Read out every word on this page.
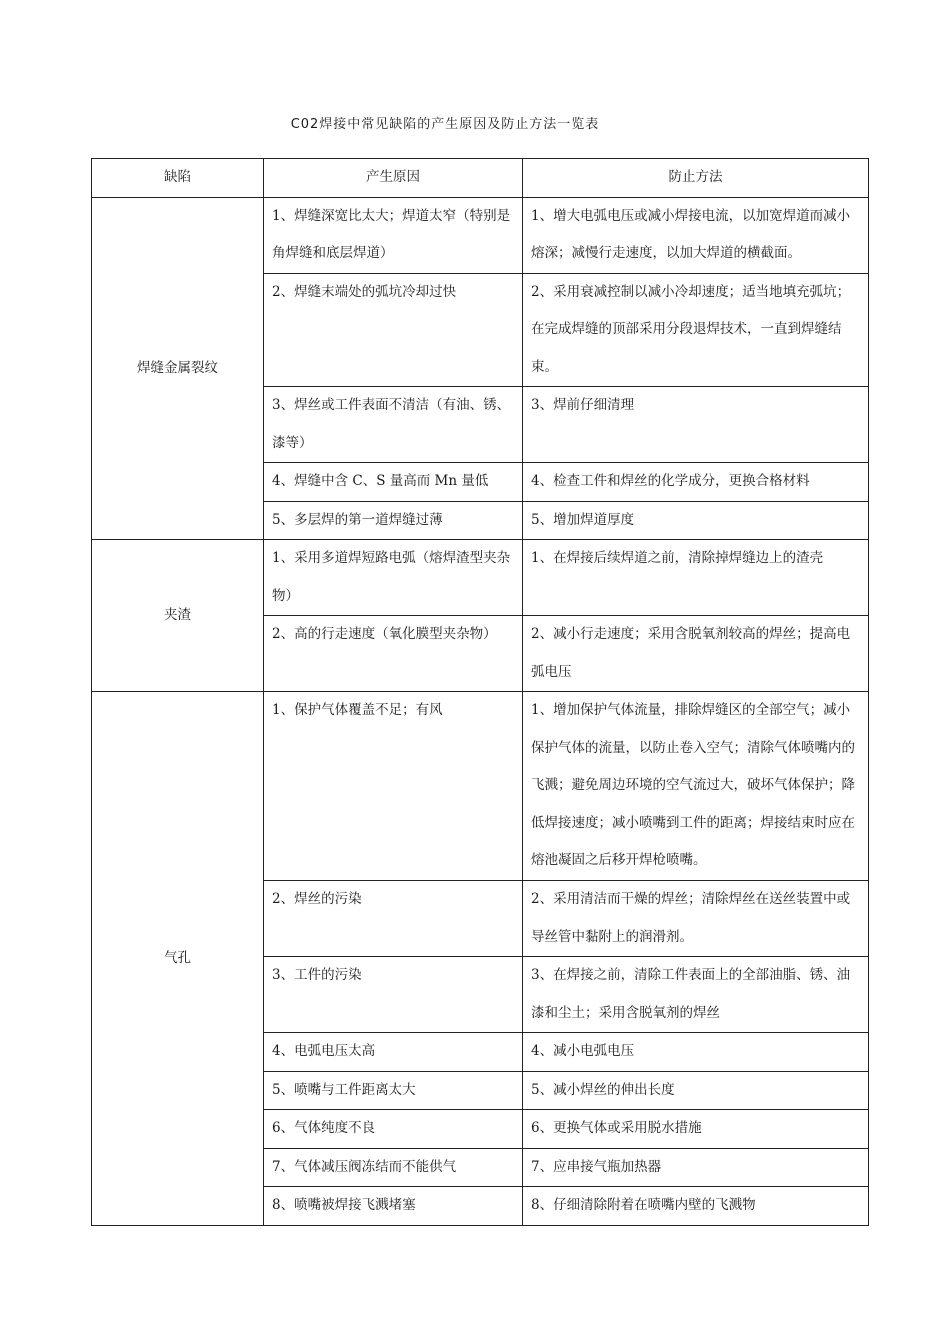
C02焊接中常见缺陷的产生原因及防止方法一览表
缺陷	产生原因	防止方法
焊缝金属裂纹	1、焊缝深宽比太大；焊道太窄（特别是角焊缝和底层焊道）	1、增大电弧电压或减小焊接电流，以加宽焊道而减小熔深；减慢行走速度，以加大焊道的横截面。
	2、焊缝末端处的弧坑冷却过快	2、采用衰减控制以减小冷却速度；适当地填充弧坑；在完成焊缝的顶部采用分段退焊技术，一直到焊缝结束。
	3、焊丝或工件表面不清洁（有油、锈、漆等）	3、焊前仔细清理
	4、焊缝中含 C、S 量高而 Mn 量低	4、检查工件和焊丝的化学成分，更换合格材料
	5、多层焊的第一道焊缝过薄	5、增加焊道厚度
夹渣	1、采用多道焊短路电弧（熔焊渣型夹杂物）	1、在焊接后续焊道之前，清除掉焊缝边上的渣壳
	2、高的行走速度（氧化膜型夹杂物）	2、减小行走速度；采用含脱氧剂较高的焊丝；提高电弧电压
气孔	1、保护气体覆盖不足；有风	1、增加保护气体流量，排除焊缝区的全部空气；减小保护气体的流量，以防止卷入空气；清除气体喷嘴内的飞溅；避免周边环境的空气流过大，破坏气体保护；降低焊接速度；减小喷嘴到工件的距离；焊接结束时应在熔池凝固之后移开焊枪喷嘴。
	2、焊丝的污染	2、采用清洁而干燥的焊丝；清除焊丝在送丝装置中或导丝管中黏附上的润滑剂。
	3、工件的污染	3、在焊接之前，清除工件表面上的全部油脂、锈、油漆和尘土；采用含脱氧剂的焊丝
	4、电弧电压太高	4、减小电弧电压
	5、喷嘴与工件距离太大	5、减小焊丝的伸出长度
	6、气体纯度不良	6、更换气体或采用脱水措施
	7、气体减压阀冻结而不能供气	7、应串接气瓶加热器
	8、喷嘴被焊接飞溅堵塞	8、仔细清除附着在喷嘴内壁的飞溅物
